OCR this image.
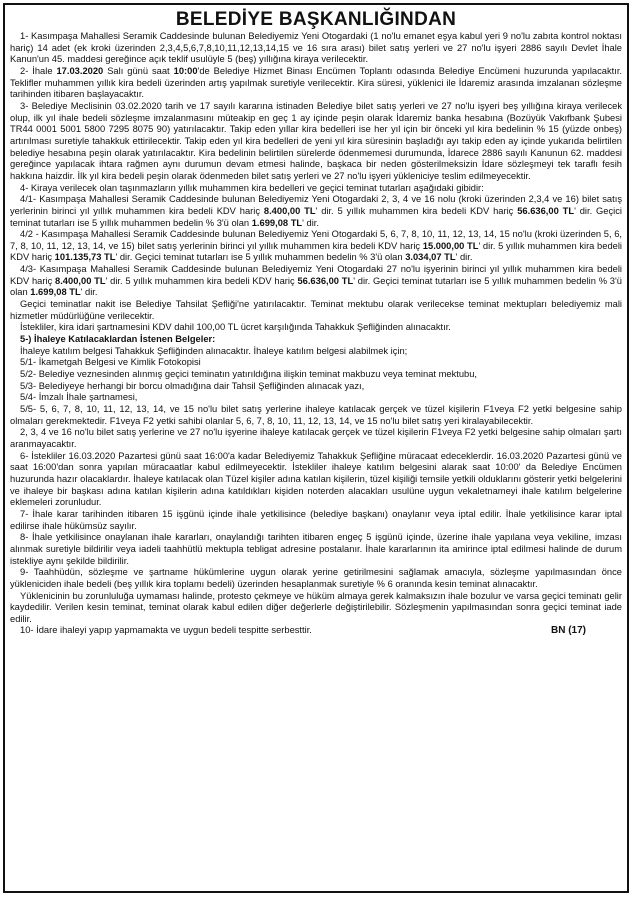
BELEDİYE BAŞKANLIĞINDAN

1- Kasımpaşa Mahallesi Seramik Caddesinde bulunan Belediyemiz Yeni Otogardaki (1 no'lu emanet eşya kabul yeri 9 no'lu zabıta kontrol noktası hariç) 14 adet (ek kroki üzerinden 2,3,4,5,6,7,8,10,11,12,13,14,15 ve 16 sıra arası) bilet satış yerleri ve 27 no'lu işyeri 2886 sayılı Devlet İhale Kanun'un 45. maddesi gereğince açık teklif usulüyle 5 (beş) yıllığına kiraya verilecektir.

2- İhale 17.03.2020 Salı günü saat 10:00'de Belediye Hizmet Binası Encümen Toplantı odasında Belediye Encümeni huzurunda yapılacaktır. Teklifler muhammen yıllık kira bedeli üzerinden artış yapılmak suretiyle verilecektir. Kira süresi, yüklenici ile İdaremiz arasında imzalanan sözleşme tarihinden itibaren başlayacaktır.

3- Belediye Meclisinin 03.02.2020 tarih ve 17 sayılı kararına istinaden Belediye bilet satış yerleri ve 27 no'lu işyeri beş yıllığına kiraya verilecek olup, ilk yıl ihale bedeli sözleşme imzalanmasını müteakip en geç 1 ay içinde peşin olarak İdaremiz banka hesabına (Bozüyük Vakıfbank Şubesi TR44 0001 5001 5800 7295 8075 90) yatırılacaktır. Takip eden yıllar kira bedelleri ise her yıl için bir önceki yıl kira bedelinin % 15 (yüzde onbeş) artırılması suretiyle tahakkuk ettirilecektir. Takip eden yıl kira bedelleri de yeni yıl kira süresinin başladığı ayı takip eden ay içinde yukarıda belirtilen belediye hesabına peşin olarak yatırılacaktır. Kira bedelinin belirtilen sürelerde ödenmemesi durumunda, İdarece 2886 sayılı Kanunun 62. maddesi gereğince yapılacak ihtara rağmen aynı durumun devam etmesi halinde, başkaca bir neden gösterilmeksizin İdare sözleşmeyi tek taraflı fesih hakkına haizdir. İlk yıl kira bedeli peşin olarak ödenmeden bilet satış yerleri ve 27 no'lu işyeri yükleniciye teslim edilmeyecektir.

4- Kiraya verilecek olan taşınmazların yıllık muhammen kira bedelleri ve geçici teminat tutarları aşağıdaki gibidir:

4/1- Kasımpaşa Mahallesi Seramik Caddesinde bulunan Belediyemiz Yeni Otogardaki 2, 3, 4 ve 16 nolu (kroki üzerinden 2,3,4 ve 16) bilet satış yerlerinin birinci yıl yıllık muhammen kira bedeli KDV hariç 8.400,00 TL' dir. 5 yıllık muhammen kira bedeli KDV hariç 56.636,00 TL' dir. Geçici teminat tutarları ise 5 yıllık muhammen bedelin % 3'ü olan 1.699,08 TL' dir.

4/2 - Kasımpaşa Mahallesi Seramik Caddesinde bulunan Belediyemiz Yeni Otogardaki 5, 6, 7, 8, 10, 11, 12, 13, 14, 15 no'lu (kroki üzerinden 5, 6, 7, 8, 10, 11, 12, 13, 14, ve 15) bilet satış yerlerinin birinci yıl yıllık muhammen kira bedeli KDV hariç 15.000,00 TL' dir. 5 yıllık muhammen kira bedeli KDV hariç 101.135,73 TL' dir. Geçici teminat tutarları ise 5 yıllık muhammen bedelin % 3'ü olan 3.034,07 TL' dir.

4/3- Kasımpaşa Mahallesi Seramik Caddesinde bulunan Belediyemiz Yeni Otogardaki 27 no'lu işyerinin birinci yıl yıllık muhammen kira bedeli KDV hariç 8.400,00 TL' dir. 5 yıllık muhammen kira bedeli KDV hariç 56.636,00 TL' dir. Geçici teminat tutarları ise 5 yıllık muhammen bedelin % 3'ü olan 1.699,08 TL' dir.

Geçici teminatlar nakit ise Belediye Tahsilat Şefliği'ne yatırılacaktır. Teminat mektubu olarak verilecekse teminat mektupları belediyemiz mali hizmetler müdürlüğüne verilecektir.

İstekliler, kira idari şartnamesini KDV dahil 100,00 TL ücret karşılığında Tahakkuk Şefliğinden alınacaktır.

5-) İhaleye Katılacaklardan İstenen Belgeler:

İhaleye katılım belgesi Tahakkuk Şefliğinden alınacaktır. İhaleye katılım belgesi alabilmek için;

5/1- İkametgah Belgesi ve Kimlik Fotokopisi

5/2- Belediye veznesinden alınmış geçici teminatın yatırıldığına ilişkin teminat makbuzu veya teminat mektubu,

5/3- Belediyeye herhangi bir borcu olmadığına dair Tahsil Şefliğinden alınacak yazı,

5/4- İmzalı İhale şartnamesi,

5/5- 5, 6, 7, 8, 10, 11, 12, 13, 14, ve 15 no'lu bilet satış yerlerine ihaleye katılacak gerçek ve tüzel kişilerin F1veya F2 yetki belgesine sahip olmaları gerekmektedir. F1veya F2 yetki sahibi olanlar 5, 6, 7, 8, 10, 11, 12, 13, 14, ve 15 no'lu bilet satış yeri kiralayabilecektir.

2, 3, 4 ve 16 no'lu bilet satış yerlerine ve 27 no'lu işyerine ihaleye katılacak gerçek ve tüzel kişilerin F1veya F2 yetki belgesine sahip olmaları şartı aranmayacaktır.

6- İstekliler 16.03.2020 Pazartesi günü saat 16:00'a kadar Belediyemiz Tahakkuk Şefliğine müracaat edeceklerdir. 16.03.2020 Pazartesi günü ve saat 16:00'dan sonra yapılan müracaatlar kabul edilmeyecektir. İstekliler ihaleye katılım belgesini alarak saat 10:00' da Belediye Encümen huzurunda hazır olacaklardır. İhaleye katılacak olan Tüzel kişiler adına katılan kişilerin, tüzel kişiliği temsile yetkili olduklarını gösterir yetki belgelerini ve ihaleye bir başkası adına katılan kişilerin adına katıldıkları kişiden noterden alacakları usulüne uygun vekaletnameyi ihale katılım belgelerine eklemeleri zorunludur.

7- İhale karar tarihinden itibaren 15 işgünü içinde ihale yetkilisince (belediye başkanı) onaylanır veya iptal edilir. İhale yetkilisince karar iptal edilirse ihale hükümsüz sayılır.

8- İhale yetkilisince onaylanan ihale kararları, onaylandığı tarihten itibaren engeç 5 işgünü içinde, üzerine ihale yapılana veya vekiline, imzası alınmak suretiyle bildirilir veya iadeli taahhütlü mektupla tebligat adresine postalanır. İhale kararlarının ita amirince iptal edilmesi halinde de durum istekliye aynı şekilde bildirilir.

9- Taahhüdün, sözleşme ve şartname hükümlerine uygun olarak yerine getirilmesini sağlamak amacıyla, sözleşme yapılmasından önce yükleniciden ihale bedeli (beş yıllık kira toplamı bedeli) üzerinden hesaplanmak suretiyle % 6 oranında kesin teminat alınacaktır.

Yüklenicinin bu zorunluluğa uymaması halinde, protesto çekmeye ve hüküm almaya gerek kalmaksızın ihale bozulur ve varsa geçici teminatı gelir kaydedilir. Verilen kesin teminat, teminat olarak kabul edilen diğer değerlerle değiştirilebilir. Sözleşmenin yapılmasından sonra geçici teminat iade edilir.

10- İdare ihaleyi yapıp yapmamakta ve uygun bedeli tespitte serbesttir.	BN (17)
